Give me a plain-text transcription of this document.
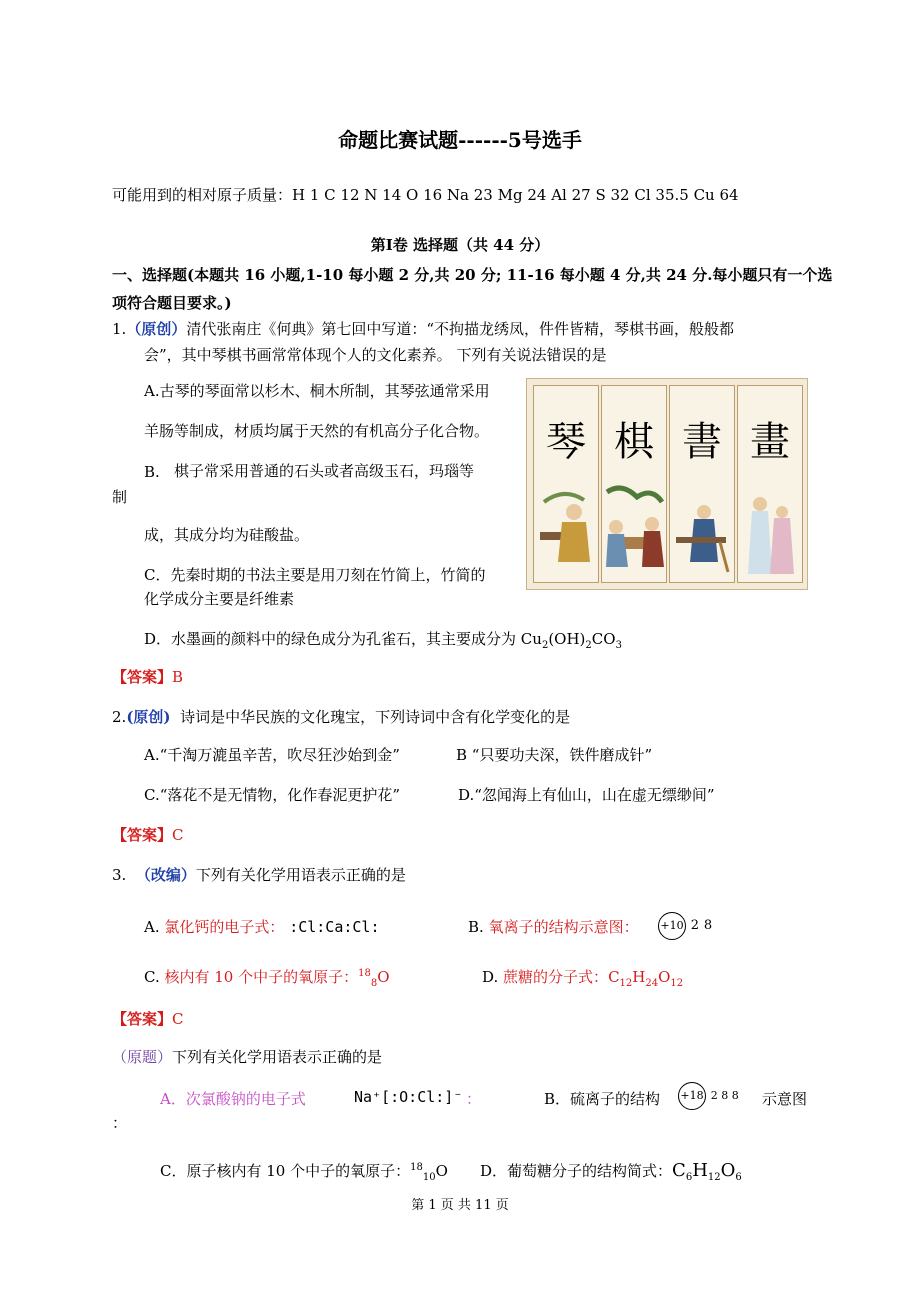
命题比赛试题------5号选手
可能用到的相对原子质量：H 1 C 12 N 14 O 16 Na 23 Mg 24 Al 27 S 32 Cl 35.5 Cu 64
第Ⅰ卷 选择题（共 44 分）
一、选择题(本题共 16 小题,1-10 每小题 2 分,共 20 分; 11-16 每小题 4 分,共 24 分.每小题只有一个选
项符合题目要求。)
1.（原创）清代张南庄《何典》第七回中写道：“不拘描龙绣凤，件件皆精，琴棋书画，般般都
会”，其中琴棋书画常常体现个人的文化素养。 下列有关说法错误的是
A.古琴的琴面常以杉木、桐木所制，其琴弦通常采用
羊肠等制成，材质均属于天然的有机高分子化合物。
B. 棋子常采用普通的石头或者高级玉石，玛瑙等
制
成，其成分均为硅酸盐。
C．先秦时期的书法主要是用刀刻在竹简上，竹简的
化学成分主要是纤维素
D．水墨画的颜料中的绿色成分为孔雀石，其主要成分为 $Cu_2(OH)_2CO_3$
琴 棋 書 畫
【答案】B
2.(原创) 诗词是中华民族的文化瑰宝，下列诗词中含有化学变化的是
A.“千淘万漉虽辛苦，吹尽狂沙始到金”	B “只要功夫深，铁件磨成针”
C.“落花不是无情物，化作春泥更护花”	D.“忽闻海上有仙山，山在虚无缥缈间”
【答案】C
3. （改编）下列有关化学用语表示正确的是
A. 氯化钙的电子式： :Cl:Ca:Cl:	B. 氧离子的结构示意图： +10 2 8
C. 核内有 10 个中子的氧原子：$^{18}_8$O	D. 蔗糖的分子式：$C_{12}H_{24}O_{12}$
【答案】C
（原题）下列有关化学用语表示正确的是
A．次氯酸钠的电子式	Na⁺[:O:Cl:]⁻ ：	B．硫离子的结构 +18 2 8 8 示意图
：
C．原子核内有 10 个中子的氧原子：$^{18}_{10}$O D．葡萄糖分子的结构简式：$C_6H_{12}O_6$
第 1 页 共 11 页
